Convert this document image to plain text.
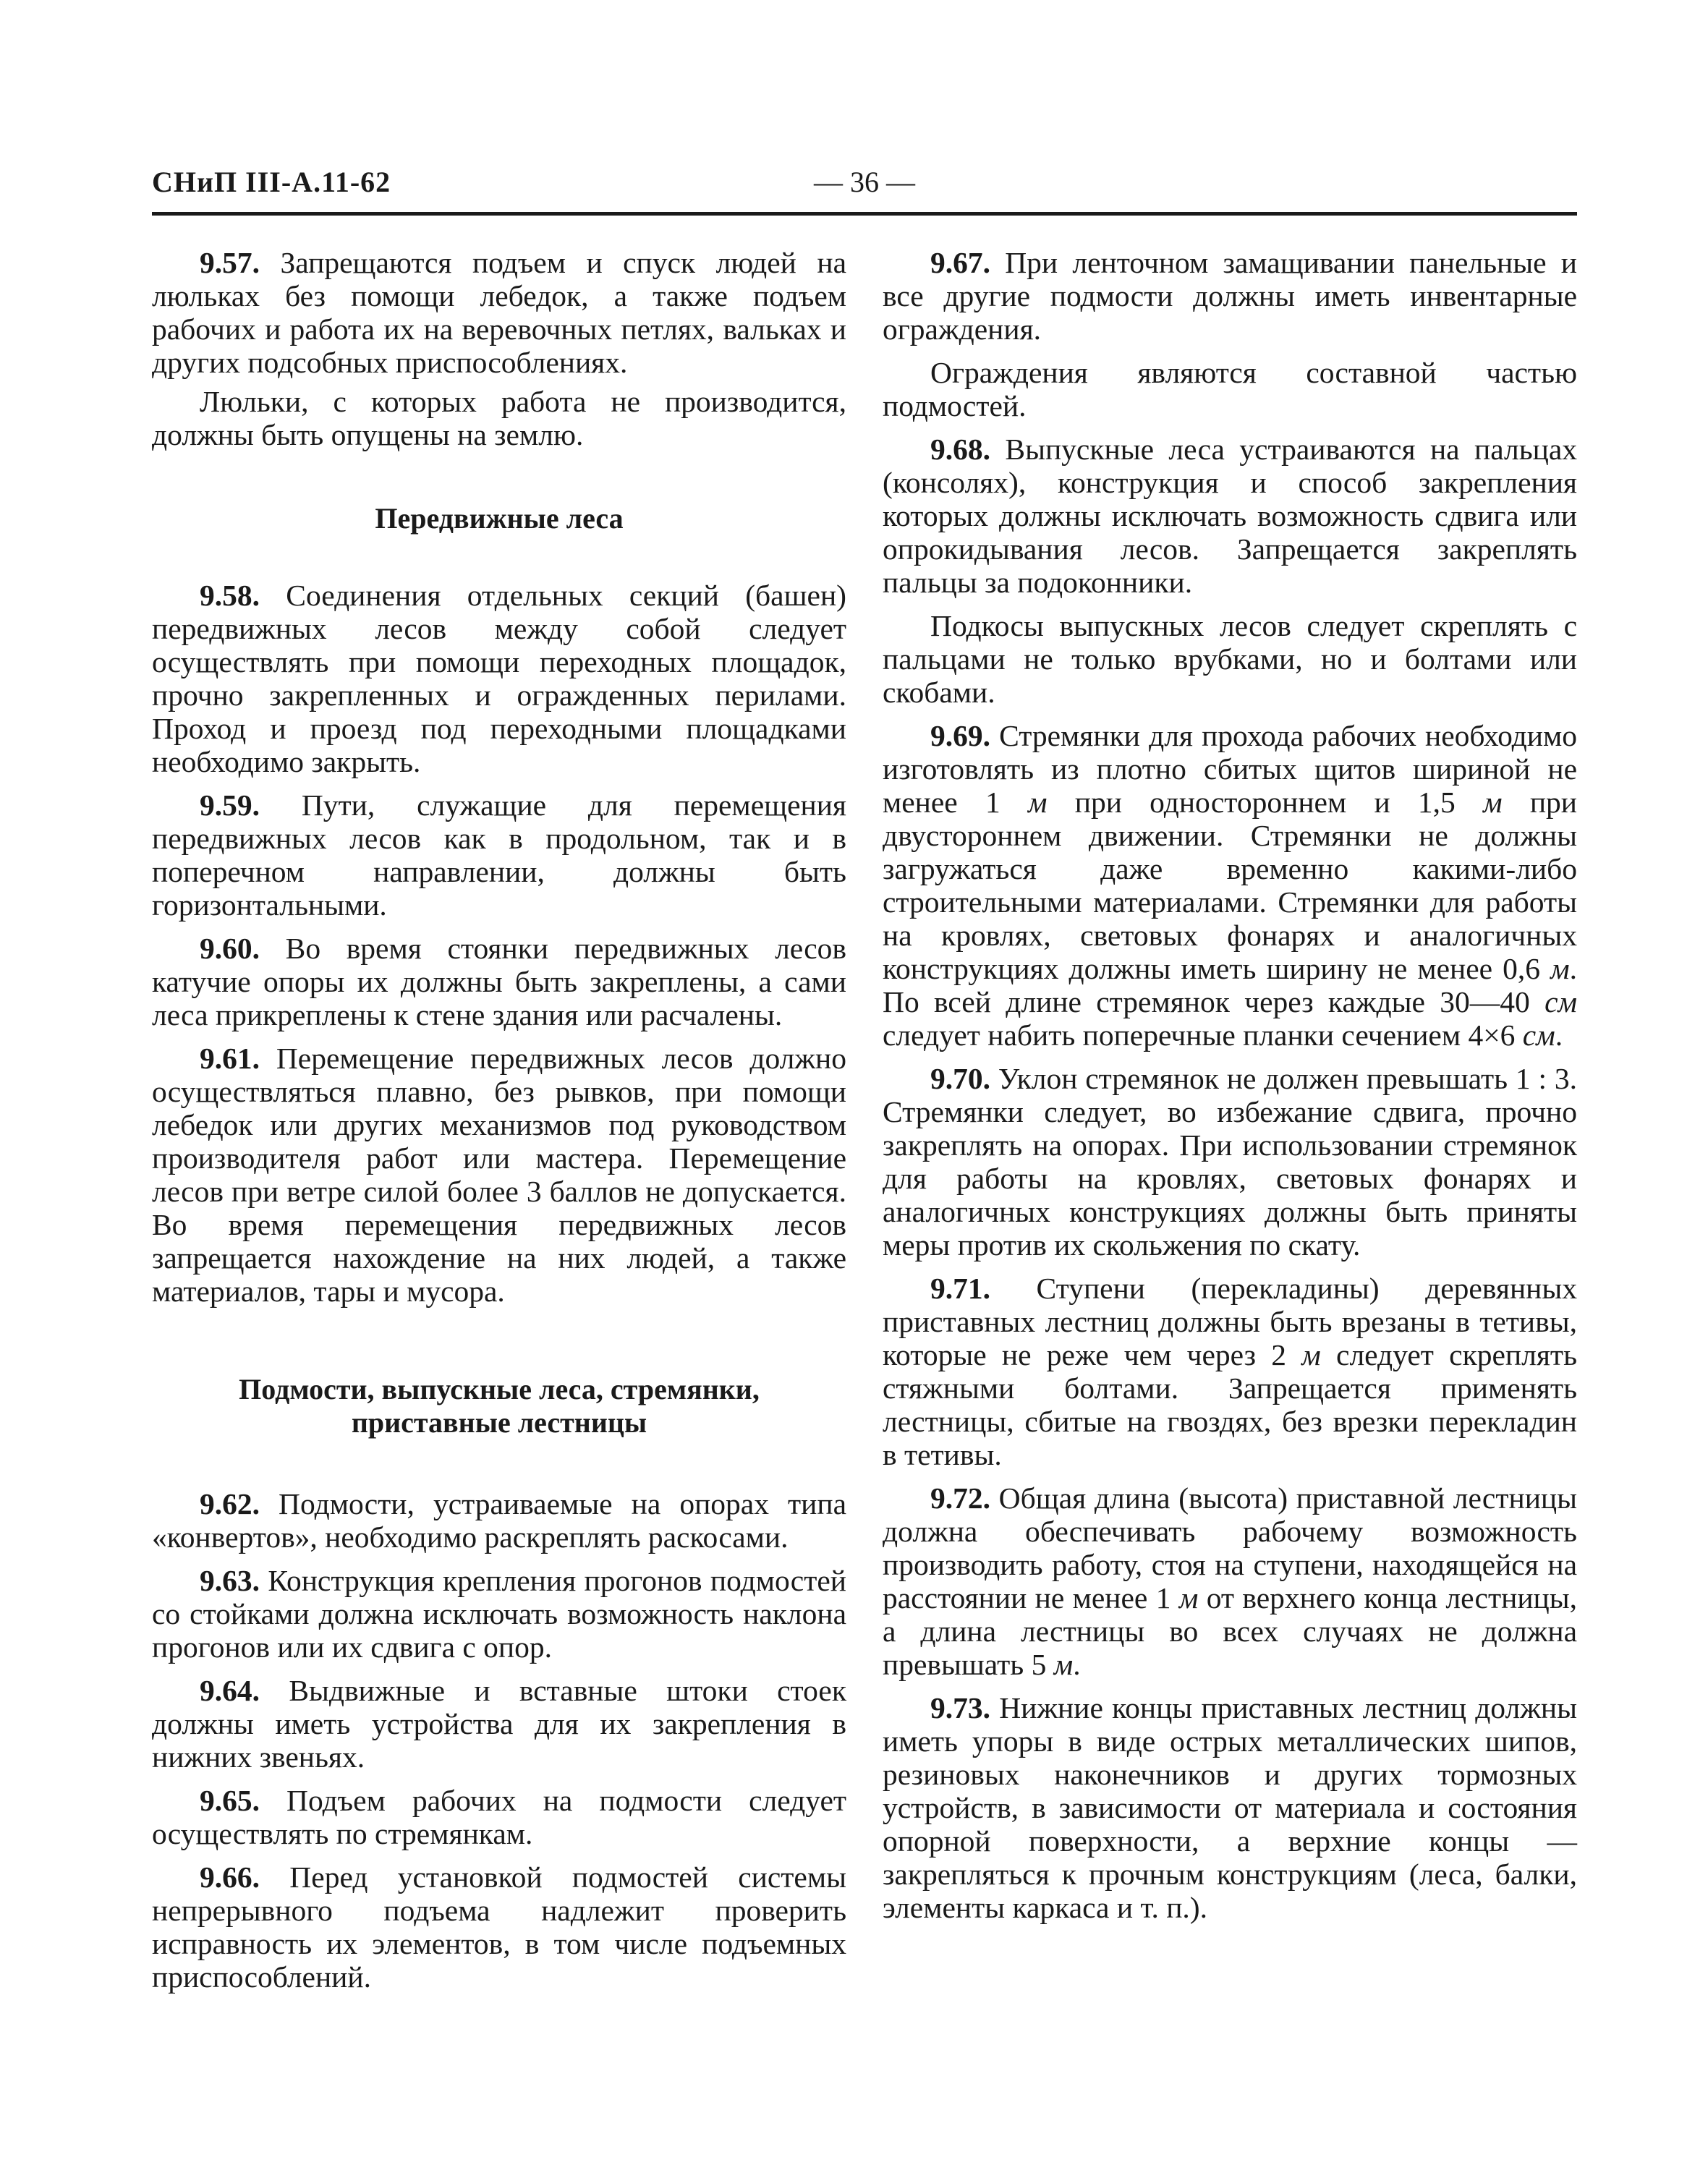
СНиП III-А.11-62	— 36 —

9.57. Запрещаются подъем и спуск людей на люльках без помощи лебедок, а также подъем рабочих и работа их на веревочных петлях, вальках и других подсобных приспособлениях.

Люльки, с которых работа не производится, должны быть опущены на землю.

Передвижные леса

9.58. Соединения отдельных секций (башен) передвижных лесов между собой следует осуществлять при помощи переходных площадок, прочно закрепленных и огражденных перилами. Проход и проезд под переходными площадками необходимо закрыть.

9.59. Пути, служащие для перемещения передвижных лесов как в продольном, так и в поперечном направлении, должны быть горизонтальными.

9.60. Во время стоянки передвижных лесов катучие опоры их должны быть закреплены, а сами леса прикреплены к стене здания или расчалены.

9.61. Перемещение передвижных лесов должно осуществляться плавно, без рывков, при помощи лебедок или других механизмов под руководством производителя работ или мастера. Перемещение лесов при ветре силой более 3 баллов не допускается. Во время перемещения передвижных лесов запрещается нахождение на них людей, а также материалов, тары и мусора.

Подмости, выпускные леса, стремянки,
приставные лестницы

9.62. Подмости, устраиваемые на опорах типа «конвертов», необходимо раскреплять раскосами.

9.63. Конструкция крепления прогонов подмостей со стойками должна исключать возможность наклона прогонов или их сдвига с опор.

9.64. Выдвижные и вставные штоки стоек должны иметь устройства для их закрепления в нижних звеньях.

9.65. Подъем рабочих на подмости следует осуществлять по стремянкам.

9.66. Перед установкой подмостей системы непрерывного подъема надлежит проверить исправность их элементов, в том числе подъемных приспособлений.

9.67. При ленточном замащивании панельные и все другие подмости должны иметь инвентарные ограждения.

Ограждения являются составной частью подмостей.

9.68. Выпускные леса устраиваются на пальцах (консолях), конструкция и способ закрепления которых должны исключать возможность сдвига или опрокидывания лесов. Запрещается закреплять пальцы за подоконники.

Подкосы выпускных лесов следует скреплять с пальцами не только врубками, но и болтами или скобами.

9.69. Стремянки для прохода рабочих необходимо изготовлять из плотно сбитых щитов шириной не менее 1 м при одностороннем и 1,5 м при двустороннем движении. Стремянки не должны загружаться даже временно какими-либо строительными материалами. Стремянки для работы на кровлях, световых фонарях и аналогичных конструкциях должны иметь ширину не менее 0,6 м. По всей длине стремянок через каждые 30—40 см следует набить поперечные планки сечением 4×6 см.

9.70. Уклон стремянок не должен превышать 1 : 3. Стремянки следует, во избежание сдвига, прочно закреплять на опорах. При использовании стремянок для работы на кровлях, световых фонарях и аналогичных конструкциях должны быть приняты меры против их скольжения по скату.

9.71. Ступени (перекладины) деревянных приставных лестниц должны быть врезаны в тетивы, которые не реже чем через 2 м следует скреплять стяжными болтами. Запрещается применять лестницы, сбитые на гвоздях, без врезки перекладин в тетивы.

9.72. Общая длина (высота) приставной лестницы должна обеспечивать рабочему возможность производить работу, стоя на ступени, находящейся на расстоянии не менее 1 м от верхнего конца лестницы, а длина лестницы во всех случаях не должна превышать 5 м.

9.73. Нижние концы приставных лестниц должны иметь упоры в виде острых металлических шипов, резиновых наконечников и других тормозных устройств, в зависимости от материала и состояния опорной поверхности, а верхние концы — закрепляться к прочным конструкциям (леса, балки, элементы каркаса и т. п.).
